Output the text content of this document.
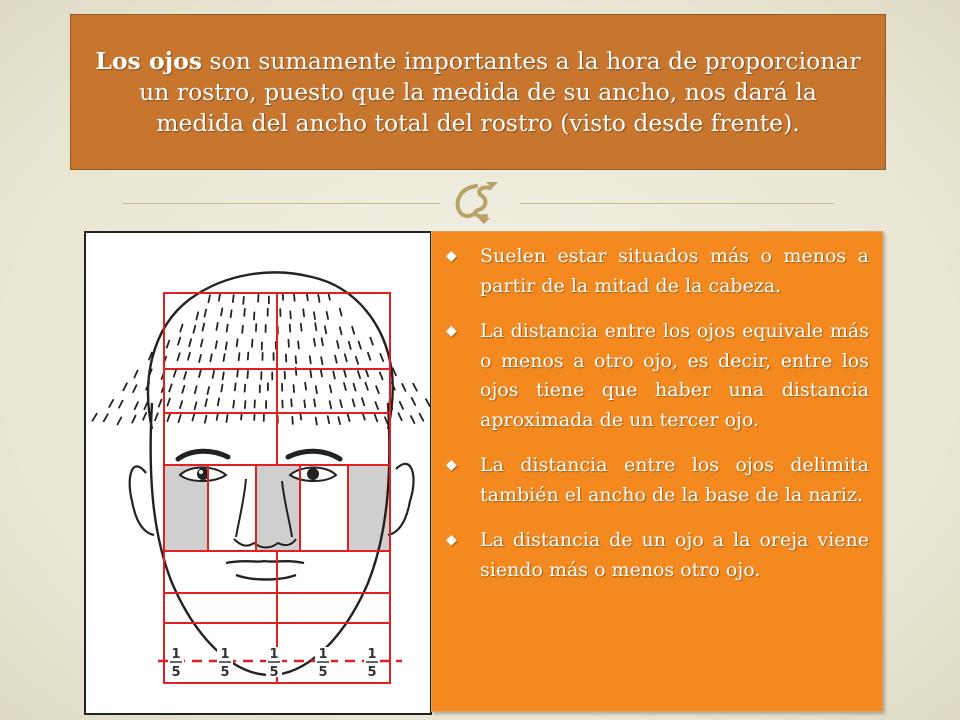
Los ojos son sumamente importantes a la hora de proporcionar un rostro, puesto que la medida de su ancho, nos dará la medida del ancho total del rostro (visto desde frente).
1
5
1
5
1
5
1
5
1
5
◆ Suelen estar situados más o menos a partir de la mitad de la cabeza.
◆ La distancia entre los ojos equivale más o menos a otro ojo, es decir, entre los ojos tiene que haber una distancia aproximada de un tercer ojo.
◆ La distancia entre los ojos delimita también el ancho de la base de la nariz.
◆ La distancia de un ojo a la oreja viene siendo más o menos otro ojo.
